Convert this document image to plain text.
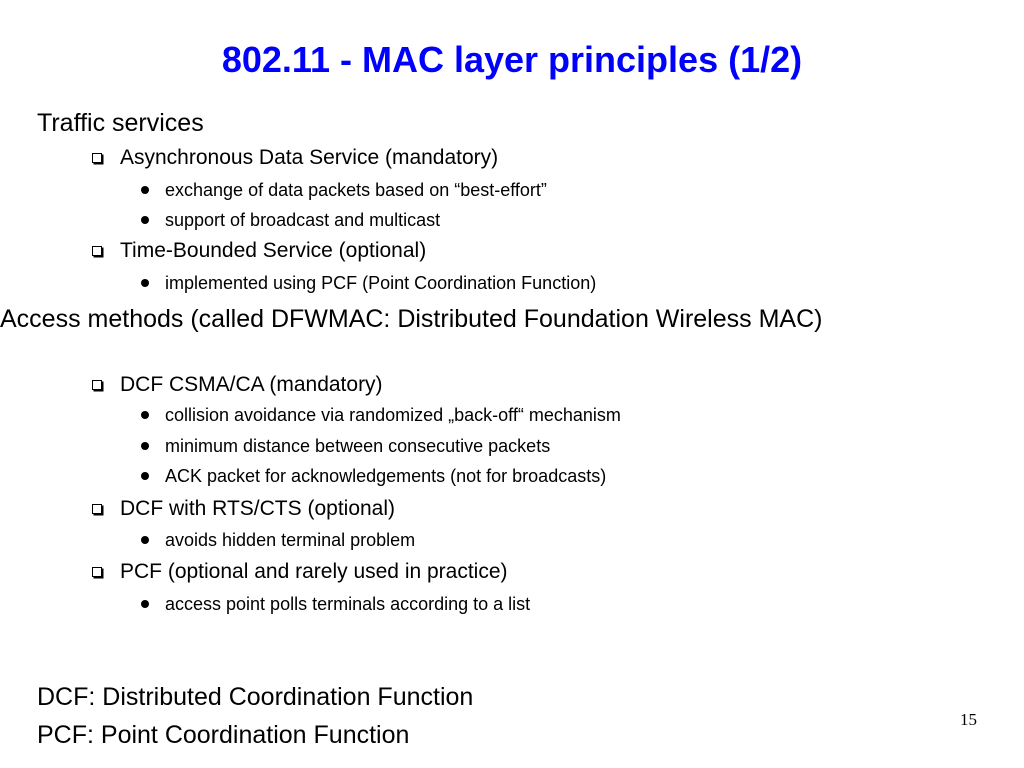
802.11 - MAC layer principles (1/2)
Traffic services
Asynchronous Data Service (mandatory)
exchange of data packets based on “best-effort”
support of broadcast and multicast
Time-Bounded Service (optional)
implemented using PCF (Point Coordination Function)
Access methods (called DFWMAC: Distributed Foundation Wireless MAC)
DCF CSMA/CA (mandatory)
collision avoidance via randomized „back-off“ mechanism
minimum distance between consecutive packets
ACK packet for acknowledgements (not for broadcasts)
DCF with RTS/CTS (optional)
avoids hidden terminal problem
PCF (optional and rarely used in practice)
access point polls terminals according to a list
DCF: Distributed Coordination Function
PCF: Point Coordination Function
15
